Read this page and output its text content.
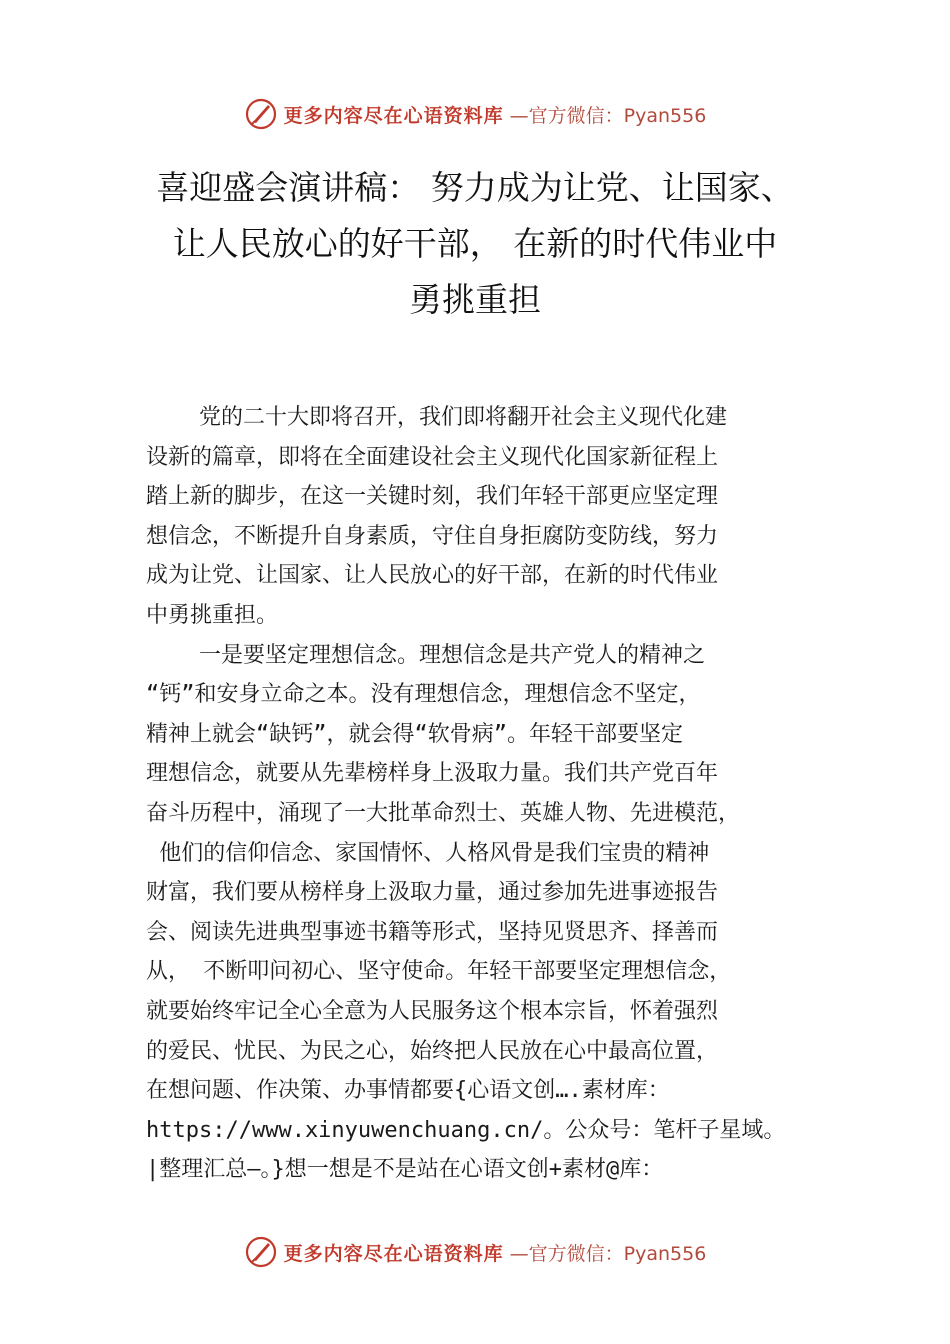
更多内容尽在心语资料库 —官方微信：Pyan556
喜迎盛会演讲稿： 努力成为让党、让国家、
让人民放心的好干部， 在新的时代伟业中
勇挑重担
党的二十大即将召开，我们即将翻开社会主义现代化建
设新的篇章，即将在全面建设社会主义现代化国家新征程上
踏上新的脚步，在这一关键时刻，我们年轻干部更应坚定理
想信念，不断提升自身素质，守住自身拒腐防变防线，努力
成为让党、让国家、让人民放心的好干部，在新的时代伟业
中勇挑重担。
一是要坚定理想信念。理想信念是共产党人的精神之
“钙”和安身立命之本。没有理想信念，理想信念不坚定，
精神上就会“缺钙”，就会得“软骨病”。年轻干部要坚定
理想信念，就要从先辈榜样身上汲取力量。我们共产党百年
奋斗历程中，涌现了一大批革命烈士、英雄人物、先进模范，
他们的信仰信念、家国情怀、人格风骨是我们宝贵的精神
财富，我们要从榜样身上汲取力量，通过参加先进事迹报告
会、阅读先进典型事迹书籍等形式，坚持见贤思齐、择善而
从， 不断叩问初心、坚守使命。年轻干部要坚定理想信念，
就要始终牢记全心全意为人民服务这个根本宗旨，怀着强烈
的爱民、忧民、为民之心，始终把人民放在心中最高位置，
在想问题、作决策、办事情都要{心语文创….素材库：
https://www.xinyuwenchuang.cn/。公众号：笔杆子星域。
|整理汇总—。}想一想是不是站在心语文创+素材@库：
更多内容尽在心语资料库 —官方微信：Pyan556
